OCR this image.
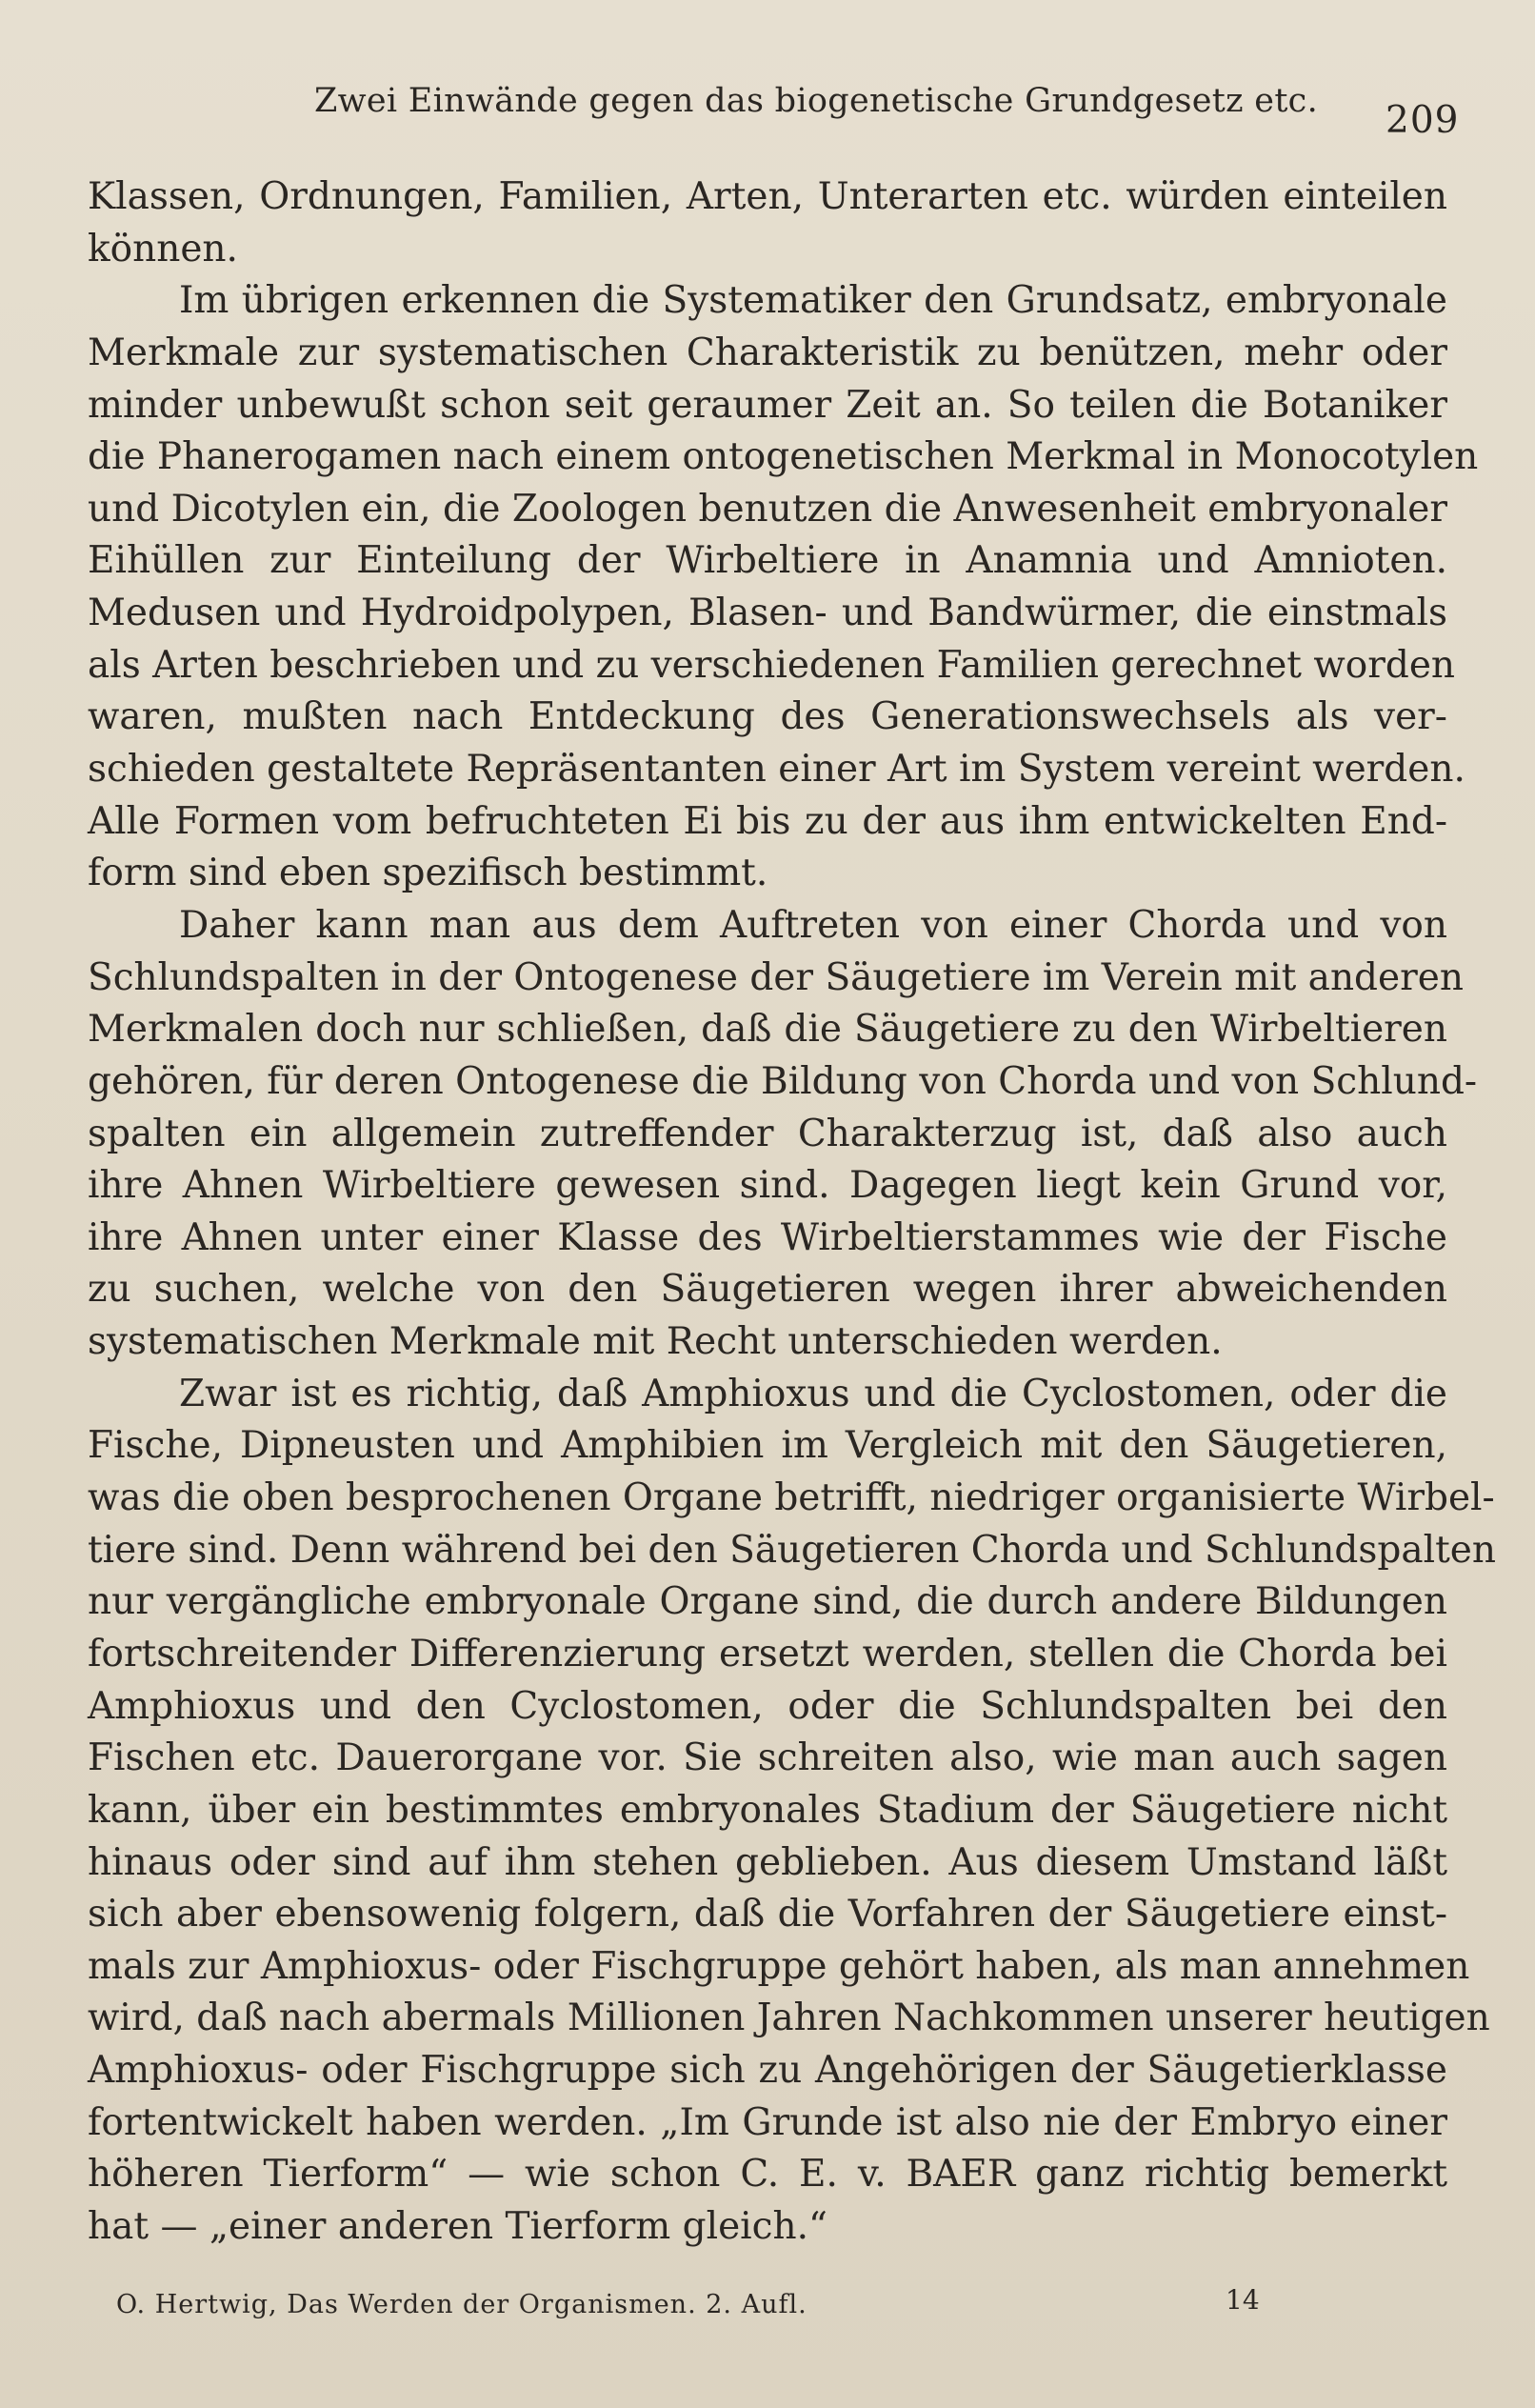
Zwei Einwände gegen das biogenetische Grundgesetz etc. 209
Klassen, Ordnungen, Familien, Arten, Unterarten etc. würden einteilen
können.
Im übrigen erkennen die Systematiker den Grundsatz, embryonale
Merkmale zur systematischen Charakteristik zu benützen, mehr oder
minder unbewußt schon seit geraumer Zeit an. So teilen die Botaniker
die Phanerogamen nach einem ontogenetischen Merkmal in Monocotylen
und Dicotylen ein, die Zoologen benutzen die Anwesenheit embryonaler
Eihüllen zur Einteilung der Wirbeltiere in Anamnia und Amnioten.
Medusen und Hydroidpolypen, Blasen- und Bandwürmer, die einstmals
als Arten beschrieben und zu verschiedenen Familien gerechnet worden
waren, mußten nach Entdeckung des Generationswechsels als ver-
schieden gestaltete Repräsentanten einer Art im System vereint werden.
Alle Formen vom befruchteten Ei bis zu der aus ihm entwickelten End-
form sind eben spezifisch bestimmt.
Daher kann man aus dem Auftreten von einer Chorda und von
Schlundspalten in der Ontogenese der Säugetiere im Verein mit anderen
Merkmalen doch nur schließen, daß die Säugetiere zu den Wirbeltieren
gehören, für deren Ontogenese die Bildung von Chorda und von Schlund-
spalten ein allgemein zutreffender Charakterzug ist, daß also auch
ihre Ahnen Wirbeltiere gewesen sind. Dagegen liegt kein Grund vor,
ihre Ahnen unter einer Klasse des Wirbeltierstammes wie der Fische
zu suchen, welche von den Säugetieren wegen ihrer abweichenden
systematischen Merkmale mit Recht unterschieden werden.
Zwar ist es richtig, daß Amphioxus und die Cyclostomen, oder die
Fische, Dipneusten und Amphibien im Vergleich mit den Säugetieren,
was die oben besprochenen Organe betrifft, niedriger organisierte Wirbel-
tiere sind. Denn während bei den Säugetieren Chorda und Schlundspalten
nur vergängliche embryonale Organe sind, die durch andere Bildungen
fortschreitender Differenzierung ersetzt werden, stellen die Chorda bei
Amphioxus und den Cyclostomen, oder die Schlundspalten bei den
Fischen etc. Dauerorgane vor. Sie schreiten also, wie man auch sagen
kann, über ein bestimmtes embryonales Stadium der Säugetiere nicht
hinaus oder sind auf ihm stehen geblieben. Aus diesem Umstand läßt
sich aber ebensowenig folgern, daß die Vorfahren der Säugetiere einst-
mals zur Amphioxus- oder Fischgruppe gehört haben, als man annehmen
wird, daß nach abermals Millionen Jahren Nachkommen unserer heutigen
Amphioxus- oder Fischgruppe sich zu Angehörigen der Säugetierklasse
fortentwickelt haben werden. „Im Grunde ist also nie der Embryo einer
höheren Tierform“ — wie schon C. E. v. BAER ganz richtig bemerkt
hat — „einer anderen Tierform gleich.“
O. Hertwig, Das Werden der Organismen. 2. Aufl.	14
